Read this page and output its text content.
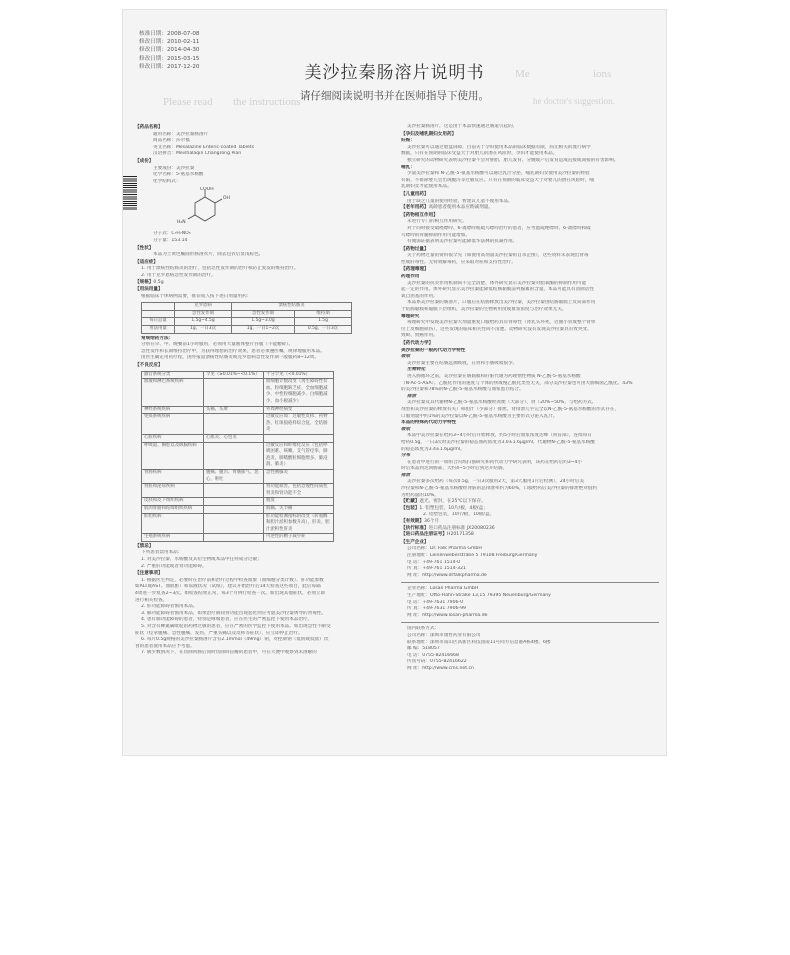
核准日期：2008-07-08
修改日期：2010-02-11
修改日期：2014-04-30
修改日期：2015-03-15
修改日期：2017-12-20
Me	ions
Please read the instructions	he doctor's suggestion.
美沙拉秦肠溶片说明书
请仔细阅读说明书并在医师指导下使用。
【 药品名称 】
通用名称：美沙拉秦肠溶片
商品名称：莎尔福
英文名称：Mesalazine Enteric-coated Tablets
汉语拼音：Meishalaqin Changrong Pian
【 成份 】
主要成份：美沙拉秦
化学名称：5-氨基水杨酸
化学结构式：
COOH
OH
H₂N
分子式：C₇H₇NO₃
分子量：153.14
【 性状 】
本品为土黄色椭圆形肠溶衣片，除去包衣后显浅棕色。
【 适应症 】
1. 用于溃疡性结肠炎的治疗，包括急性发作期的治疗和防止复发的维持治疗。
2. 用于克罗恩病急性发作期的治疗。
【 规格 】 0.5g
【 用法用量 】
根据临床个体病例需要，推荐成人按下述日剂量用药：
	克罗恩病	溃疡性结肠炎	
	急性发作期	急性发作期	维持期
每日总量	1.5g~4.5g	1.5g~3.0g	1.5g
用法用量	1g，一日3次	1g，一日1~2次	0.5g，一日3次
常规给药方法：
分别在早、中、晚餐前1小时服用，必须用大量液体整片吞服（不能嚼碎）。
急性发作和长期维持治疗中，为获得理想的治疗效果，患者必须遵医嘱，规律地服用本品。
由医生确定用药疗程，国外报道溃疡性结肠炎或克罗恩病急性发作期一般服药8~12周。
【 不良反应 】
器官系统分类	罕见（≥0.01%~<0.1%）	十分罕见（<0.01%）
血液和淋巴系统疾病		血细胞计数改变（再生障碍性贫血、粒细胞缺乏症、全血细胞减少、中性粒细胞减少、白细胞减少、血小板减少）
神经系统疾病	头痛、头晕	外周神经病变
免疫系统疾病		过敏反应如：过敏性皮疹、药物热、红斑狼疮样综合征、全结肠炎
心脏疾病	心肌炎、心包炎	
呼吸道、胸腔以及纵膈疾病		过敏反应和纤维化反应（包括呼吸困难、咳嗽、支气管痉挛、肺泡炎、肺嗜酸粒细胞增多、肺浸润、肺炎）
胃肠疾病	腹痛、腹泻、胃肠胀气、恶心、呕吐	急性胰腺炎
肾脏和泌尿疾病		肾功能损害，包括急慢性间质性肾炎和肾功能不全
皮肤和皮下组织疾病		脱发
肌肉骨骼和结缔组织疾病		肌痛、关节痛
肝胆疾病		肝功能检测指标的改变（转氨酶和胆汁淤积参数升高），肝炎、胆汁淤积性肝炎
生殖系统疾病		可逆性的精子减少症
【 禁忌 】
下列患者禁用本品：
1. 对美沙拉秦、水杨酸及其衍生物或本品中任何成分过敏；
2. 严重肝功能或者肾功能障碍。
【 注意事项 】
1. 根据医生判定，必要时在治疗前和治疗过程中检查血象（血细胞分类计数）、肝功能参数
如ALT或AST、血肌酐）和尿液状况（试纸），建议开始治疗后14天检查这些项目，此后每隔
4周进一步复查2~3次。如检查结果正常，每3个月例行检查一次。如出现其他症状，必须立即
进行相关检查。
2. 肝功能障碍者慎用本品。
3. 肺功能障碍者慎用本品，如果治疗期间肾功能出现恶化则应考虑美沙拉秦诱导的肾毒性。
4. 患有肺功能障碍的患者，特别是哮喘患者，应在医生的严密监控下使用本品治疗。
5. 对含有柳氮磺吡啶的药物过敏的患者，应在严密的医学监控下使用本品。如出现急性不耐受
症状（痉挛腹痛、急性腹痛、发热、严重头痛以及皮疹等症状），应立即停止治疗。
6. 每片0.5g规格的美沙拉秦肠溶片含有2.1mmol（49mg）钠，对控制钠（低钠或低盐）饮
食的患者使用本品应予考虑。
7. 极少数情况下，在切除回肠后同时切除回盲瓣的患者中，可在大便中观察到未溶解的
美沙拉秦肠溶片，这是由于本品快速通过肠道引起的。
【 孕妇及哺乳期妇女用药 】
妊娠：
美沙拉秦可以通过胎盘屏障，目前关于孕妇使用本品的临床数据有限，尚无相关的流行病学
数据，只有在预期的临床受益大于对胎儿的潜在风险时，孕妇才能使用本品。
独立研究的动物研究表明美沙拉秦不会对胚胎、胎儿发育、分娩或产后发育造成直接或间接的有害影响。
哺乳：
少量美沙拉秦和 N-乙酰-5-氨基水杨酸可以通过乳汁分泌，哺乳期妇女使用美沙拉秦的经验
有限，不排除婴儿会出现腹泻等过敏反应。只有在预期的临床受益大于对婴儿的潜在风险时，哺
乳期妇女才能使用本品。
【 儿童用药 】
由于缺乏儿童的使用经验，暂建议儿童不使用本品。
【 老年用药 】 高龄患者使用本品应酌减剂量。
【 药物相互作用 】
未进行专门的相互作用研究。
对于同时接受硫唑嘌呤、6-巯嘌呤或硫鸟嘌呤治疗的患者，应考虑硫唑嘌呤、6-巯嘌呤和硫
鸟嘌呤的骨髓抑制作用可能增加。
有微弱证据表明美沙拉秦可能降低华法林的抗凝作用。
【 药物过量 】
关于药物过量的资料很罕见（如使用高剂量美沙拉秦的自杀企图），这些资料未表现出肾毒
性或肝毒性。无特效解毒药，应采取对症和支持性治疗。
【 药理毒理 】
药理作用
美沙拉秦的抗炎作用机制尚不完全清楚，体外研究显示美沙拉秦对脂氧酶的抑制作用可能
起一定的作用。体外研究显示美沙拉秦能降低结肠黏膜前列腺素的含量，本品可能具有清除活性
氧自由基的作用。
本品系美沙拉秦的肠溶片，口服后在结肠释放出美沙拉秦，美沙拉秦由结肠黏膜上皮局部作用
于结肠黏膜和黏膜下层组织，美沙拉秦的生物利用度或血浆浓度与治疗效果无关。
毒理研究
毒理研究中发现美沙拉秦大剂量重复口服给药具有肾毒性（肾乳头坏死，近曲小管或整个肾单
位上皮细胞损伤），这些发现的临床相关性尚不清楚。动物研究没有发现美沙拉秦具有致突变、
致畸、致癌作用。
【 药代动力学 】
美沙拉秦的一般药代动力学特性
吸收
美沙拉秦主要在结肠远端吸收，在胃和小肠吸收很少。
生物转化
进入肠循环之前，美沙拉秦在肠黏膜和肝脏代谢为药理惰性物质 N-乙酰-5-氨基水杨酸
（N-Ac-5-ASA）。乙酰化作用的速度与个体的快或慢乙酰化类型无关，部分美沙拉秦也可由大肠细菌乙酰化。43%
的美沙拉秦和78%的N-乙酰-5-氨基水杨酸与血浆蛋白结合。
排泄
美沙拉秦及其代谢物N-乙酰-5-氨基水杨酸经粪便（大部分）、肾（20%~50%，与给药方式、
剂型和美沙拉秦的释放有关）和胆汁（少部分）排泄，肾排泄几乎完全以N-乙酰-5-氨基水杨酸的形式存在，
口服剂量中约1%的美沙拉秦以N-乙酰-5-氨基水杨酸为主要形式分泌入乳汁。
本品的特殊药代动力学特性
吸收
本品中美沙拉秦在给药3~4小时后开始释放，约5小时后血浆浓度达峰（回盲部），连续每日
给药0.5g，一日3次时美沙拉秦的稳态血药浓度为3.0±1.6μg/ml，代谢物N-乙酰-5-氨基水杨酸
的稳态浓度为3.4±1.6μg/ml。
分布
在患者中进行的一项组合闪烁扫描研究和药代动力学研究表明，该药在给药后约3~4小
时后本品到达回肠部，大约4~5小时后到达升结肠。
排泄
美沙拉秦多次给药（每次0.5g，一日3次服用2天，第3天服用1片后检测），24小时后美
沙拉秦和N-乙酰-5-氨基水杨酸经肾脏的总排泄率约为60%，口服给药后美沙拉秦的排泄绝对值约
为给药量的10%。
【 贮藏 】 遮光，密封，在25℃以下保存。
【 包装 】 1. 铝塑包装，10片/板，4板/盒；
2. 铝塑包装，10片/板，10板/盒。
【 有效期 】 36个月
【 执行标准 】 进口药品注册标准 JX20080236
【 进口药品注册证号 】 H20171358
【 生产企业 】
公司名称：Dr. Falk Pharma GmbH
注册地址：Leinenweberstraße 5 79108 Freiburg/Germany
电 话：+49-761 1514-0
传 真：+49-761 1514-321
网 址：http://www.drfalkpharma.de
企业名称：Losan Pharma GmbH
生产地址：Otto-Hahn-Straße 13,15 79395 Neuenburg/Germany
电 话：+49-7631 7906-0
传 真：+49-7631 7906-99
网 址：http://www.losan-pharma.de
国内联系方式：
公司名称：深圳市康哲药业有限公司
联系地址：深圳市南山区高新区科技园南11号同方信息港A栋4楼、6楼
邮 编：518057
电 话：0755-82416668
传真号码：0755-82416622
网 址：http://www.cms.net.cn
